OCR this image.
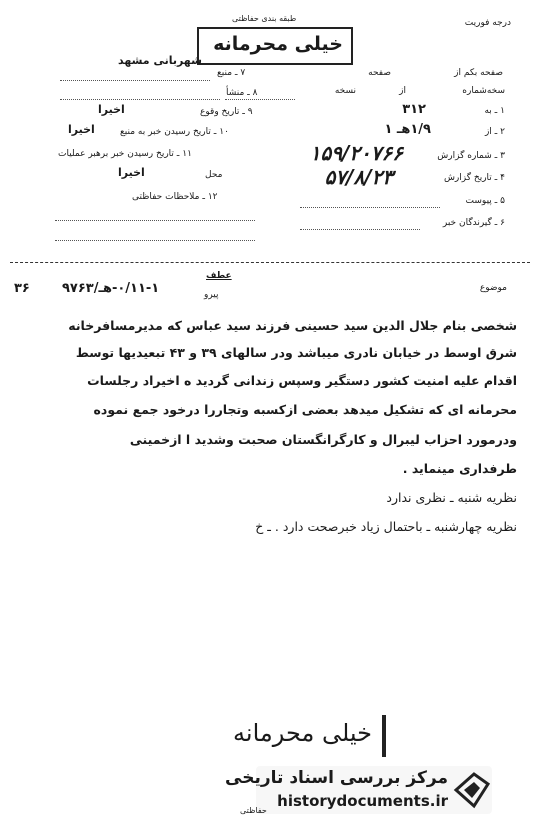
درجه فوریت
طبقه بندی حفاظتی
خیلی محرمانه
صفحه بکم از
صفحه
سخه‌شماره
از
نسخه
۱ ـ به
۳۱۲
۲ ـ از
۱/۹هـ ۱
۳ ـ شماره گزارش
۱۵۹/۲۰۷۶۶
۴ ـ تاریخ گزارش
۵۷/۸/۲۳
۵ ـ پیوست
۶ ـ گیرندگان خبر
شهربانی مشهد
۷ ـ منبع
۸ ـ منشأ
۹ ـ تاریخ وقوع
اخیرا
۱۰ ـ تاریخ رسیدن خبر به منبع
اخیرا
۱۱ ـ تاریخ رسیدن خبر برهبر عملیات
محل
اخیرا
۱۲ ـ ملاحظات حفاظتی
موضوع
عطف
پیرو
۰/۱۱-۱-هـ/۹۷۶۳
۳۶
شخصی بنام جلال الدین سید حسینی فرزند سید عباس که مدیرمسافرخانه
شرق اوسط در خیابان نادری میباشد ودر سالهای ۳۹ و ۴۳ تبعیدیها توسط
اقدام علیه امنیت کشور دستگیر وسپس زندانی گردید ه اخیراد رجلسات
محرمانه ای که تشکیل میدهد بعضی ازکسبه وتجاررا درخود جمع نموده
ودرمورد احزاب لیبرال و کارگرانگستان صحبت وشدید ا ازخمینی
طرفداری مینماید .
نظریه شنبه ـ نظری ندارد
نظریه چهارشنبه ـ باحتمال زیاد خبرصحت دارد . ـ خ
خیلی محرمانه
مرکز بررسی اسناد تاریخی
historydocuments.ir
حفاظتی
